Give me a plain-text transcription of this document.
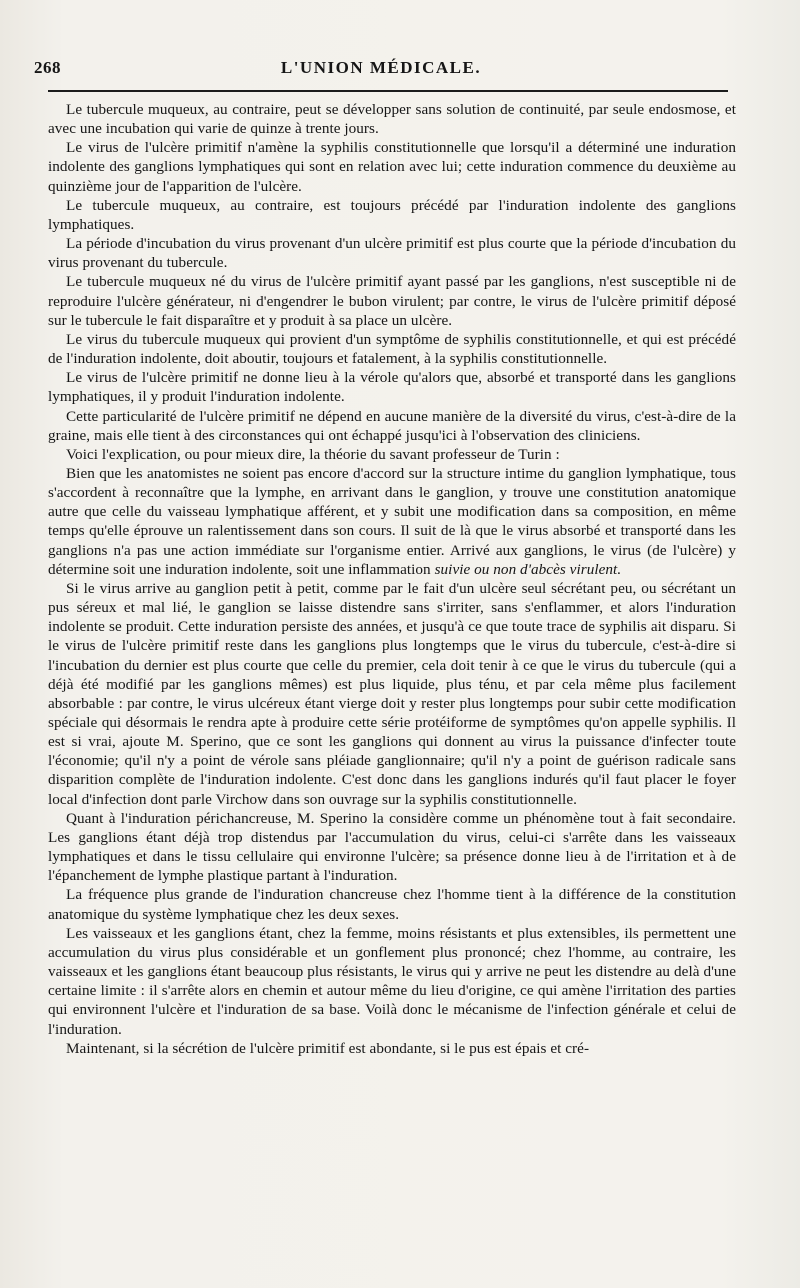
268	L'UNION MÉDICALE.

Le tubercule muqueux, au contraire, peut se développer sans solution de continuité, par seule endosmose, et avec une incubation qui varie de quinze à trente jours.

Le virus de l'ulcère primitif n'amène la syphilis constitutionnelle que lorsqu'il a déterminé une induration indolente des ganglions lymphatiques qui sont en relation avec lui; cette induration commence du deuxième au quinzième jour de l'apparition de l'ulcère.

Le tubercule muqueux, au contraire, est toujours précédé par l'induration indolente des ganglions lymphatiques.

La période d'incubation du virus provenant d'un ulcère primitif est plus courte que la période d'incubation du virus provenant du tubercule.

Le tubercule muqueux né du virus de l'ulcère primitif ayant passé par les ganglions, n'est susceptible ni de reproduire l'ulcère générateur, ni d'engendrer le bubon virulent; par contre, le virus de l'ulcère primitif déposé sur le tubercule le fait disparaître et y produit à sa place un ulcère.

Le virus du tubercule muqueux qui provient d'un symptôme de syphilis constitutionnelle, et qui est précédé de l'induration indolente, doit aboutir, toujours et fatalement, à la syphilis constitutionnelle.

Le virus de l'ulcère primitif ne donne lieu à la vérole qu'alors que, absorbé et transporté dans les ganglions lymphatiques, il y produit l'induration indolente.

Cette particularité de l'ulcère primitif ne dépend en aucune manière de la diversité du virus, c'est-à-dire de la graine, mais elle tient à des circonstances qui ont échappé jusqu'ici à l'observation des cliniciens.

Voici l'explication, ou pour mieux dire, la théorie du savant professeur de Turin :

Bien que les anatomistes ne soient pas encore d'accord sur la structure intime du ganglion lymphatique, tous s'accordent à reconnaître que la lymphe, en arrivant dans le ganglion, y trouve une constitution anatomique autre que celle du vaisseau lymphatique afférent, et y subit une modification dans sa composition, en même temps qu'elle éprouve un ralentissement dans son cours. Il suit de là que le virus absorbé et transporté dans les ganglions n'a pas une action immédiate sur l'organisme entier. Arrivé aux ganglions, le virus (de l'ulcère) y détermine soit une induration indolente, soit une inflammation suivie ou non d'abcès virulent.

Si le virus arrive au ganglion petit à petit, comme par le fait d'un ulcère seul sécrétant peu, ou sécrétant un pus séreux et mal lié, le ganglion se laisse distendre sans s'irriter, sans s'enflammer, et alors l'induration indolente se produit. Cette induration persiste des années, et jusqu'à ce que toute trace de syphilis ait disparu. Si le virus de l'ulcère primitif reste dans les ganglions plus longtemps que le virus du tubercule, c'est-à-dire si l'incubation du dernier est plus courte que celle du premier, cela doit tenir à ce que le virus du tubercule (qui a déjà été modifié par les ganglions mêmes) est plus liquide, plus ténu, et par cela même plus facilement absorbable : par contre, le virus ulcéreux étant vierge doit y rester plus longtemps pour subir cette modification spéciale qui désormais le rendra apte à produire cette série protéiforme de symptômes qu'on appelle syphilis. Il est si vrai, ajoute M. Sperino, que ce sont les ganglions qui donnent au virus la puissance d'infecter toute l'économie; qu'il n'y a point de vérole sans pléiade ganglionnaire; qu'il n'y a point de guérison radicale sans disparition complète de l'induration indolente. C'est donc dans les ganglions indurés qu'il faut placer le foyer local d'infection dont parle Virchow dans son ouvrage sur la syphilis constitutionnelle.

Quant à l'induration périchancreuse, M. Sperino la considère comme un phénomène tout à fait secondaire. Les ganglions étant déjà trop distendus par l'accumulation du virus, celui-ci s'arrête dans les vaisseaux lymphatiques et dans le tissu cellulaire qui environne l'ulcère; sa présence donne lieu à de l'irritation et à de l'épanchement de lymphe plastique partant à l'induration.

La fréquence plus grande de l'induration chancreuse chez l'homme tient à la différence de la constitution anatomique du système lymphatique chez les deux sexes.

Les vaisseaux et les ganglions étant, chez la femme, moins résistants et plus extensibles, ils permettent une accumulation du virus plus considérable et un gonflement plus prononcé; chez l'homme, au contraire, les vaisseaux et les ganglions étant beaucoup plus résistants, le virus qui y arrive ne peut les distendre au delà d'une certaine limite : il s'arrête alors en chemin et autour même du lieu d'origine, ce qui amène l'irritation des parties qui environnent l'ulcère et l'induration de sa base. Voilà donc le mécanisme de l'infection générale et celui de l'induration.

Maintenant, si la sécrétion de l'ulcère primitif est abondante, si le pus est épais et cré-
